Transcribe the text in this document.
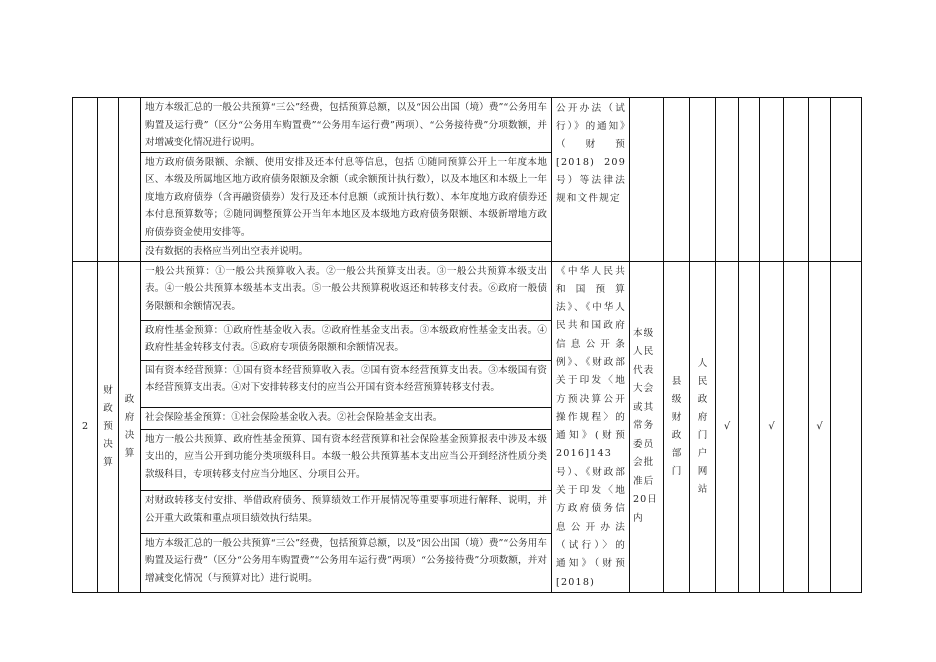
			地方本级汇总的一般公共预算“三公”经费，包括预算总额，以及“因公出国（境）费”“公务用车购置及运行费”（区分“公务用车购置费”“公务用车运行费”两项）、“公务接待费”分项数额，并对增减变化情况进行说明。	公开办法（试行）》的通知》（财预[2018) 209号）等法律法规和文件规定									
			地方政府债务限额、余额、使用安排及还本付息等信息，包括 ①随同预算公开上一年度本地区、本级及所属地区地方政府债务限额及余额（或余额预计执行数），以及本地区和本级上一年度地方政府债券（含再融资债券）发行及还本付息额（或预计执行数）、本年度地方政府债券还本付息预算数等；②随同调整预算公开当年本地区及本级地方政府债务限额、本级新增地方政府债券资金使用安排等。										
			没有数据的表格应当列出空表并说明。										
2	财政预决算	政府决算	一般公共预算：①一般公共预算收入表。②一般公共预算支出表。③一般公共预算本级支出表。④一般公共预算本级基本支出表。⑤一般公共预算税收返还和转移支付表。⑥政府一般债务限额和余额情况表。	《中华人民共和国预算法》、《中华人民共和国政府信息公开条例》、《财政部关于印发〈地方预决算公开操作规程〉的通知》(财预 2016]143号）、《财政部关于印发〈地方政府债务信息公开办法（试行）〉的通知》（财预[2018)	本级人民代表大会或其常务委员会批准后20日内	县级财政部门	人民政府门户网站	√		√		√	
			政府性基金预算：①政府性基金收入表。②政府性基金支出表。③本级政府性基金支出表。④政府性基金转移支付表。⑤政府专项债务限额和余额情况表。										
			国有资本经营预算：①国有资本经营预算收入表。②国有资本经营预算支出表。③本级国有资本经营预算支出表。④对下安排转移支付的应当公开国有资本经营预算转移支付表。										
			社会保险基金预算：①社会保险基金收入表。②社会保险基金支出表。										
			地方一般公共预算、政府性基金预算、国有资本经营预算和社会保险基金预算报表中涉及本级支出的，应当公开到功能分类项级科目。本级一般公共预算基本支出应当公开到经济性质分类款级科目，专项转移支付应当分地区、分项目公开。										
			对财政转移支付安排、举借政府债务、预算绩效工作开展情况等重要事项进行解释、说明，并公开重大政策和重点项目绩效执行结果。										
			地方本级汇总的一般公共预算“三公”经费，包括预算总额，以及“因公出国（境）费”“公务用车购置及运行费”（区分“公务用车购置费”“公务用车运行费”两项）“公务接待费”分项数额，并对增减变化情况（与预算对比）进行说明。										
